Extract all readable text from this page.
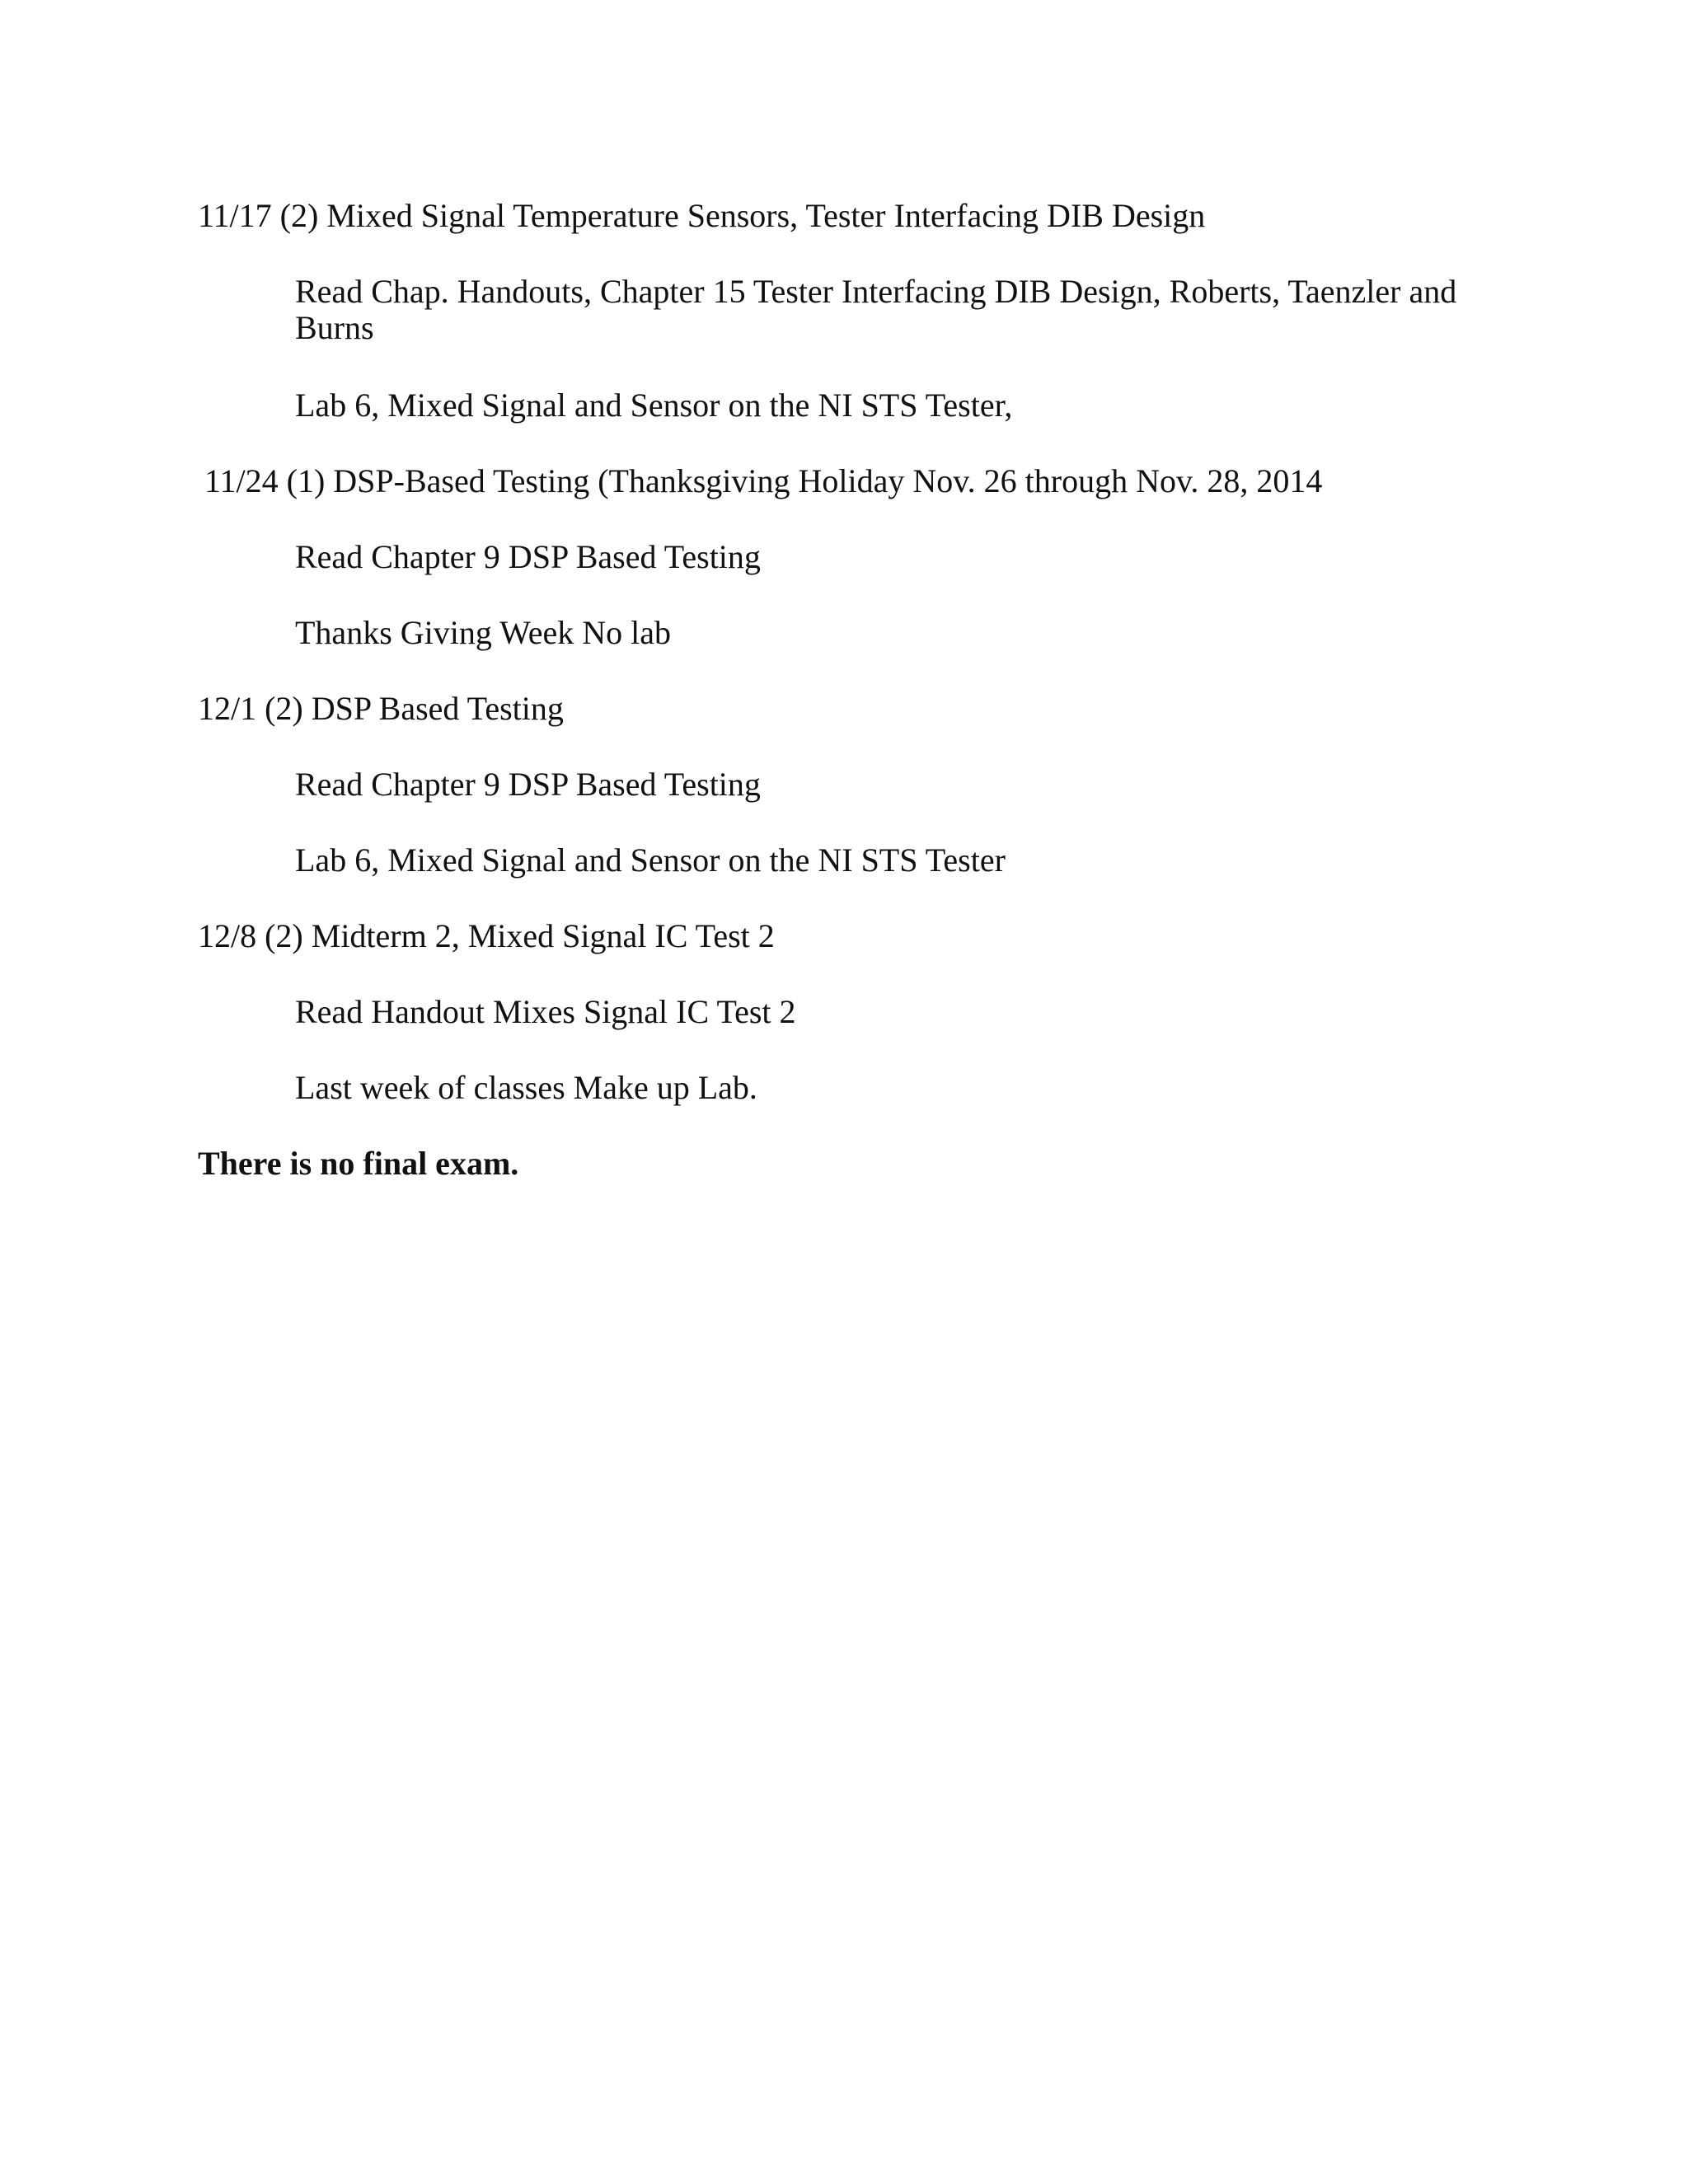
11/17 (2) Mixed Signal Temperature Sensors, Tester Interfacing DIB Design

Read Chap. Handouts, Chapter 15 Tester Interfacing DIB Design, Roberts, Taenzler and Burns

Lab 6, Mixed Signal and Sensor on the NI STS Tester,

11/24 (1) DSP-Based Testing (Thanksgiving Holiday Nov. 26 through Nov. 28, 2014

Read Chapter 9 DSP Based Testing

Thanks Giving Week No lab

12/1 (2) DSP Based Testing

Read Chapter 9 DSP Based Testing

Lab 6, Mixed Signal and Sensor on the NI STS Tester

12/8 (2) Midterm 2, Mixed Signal IC Test 2

Read Handout Mixes Signal IC Test 2

Last week of classes Make up Lab.

There is no final exam.
